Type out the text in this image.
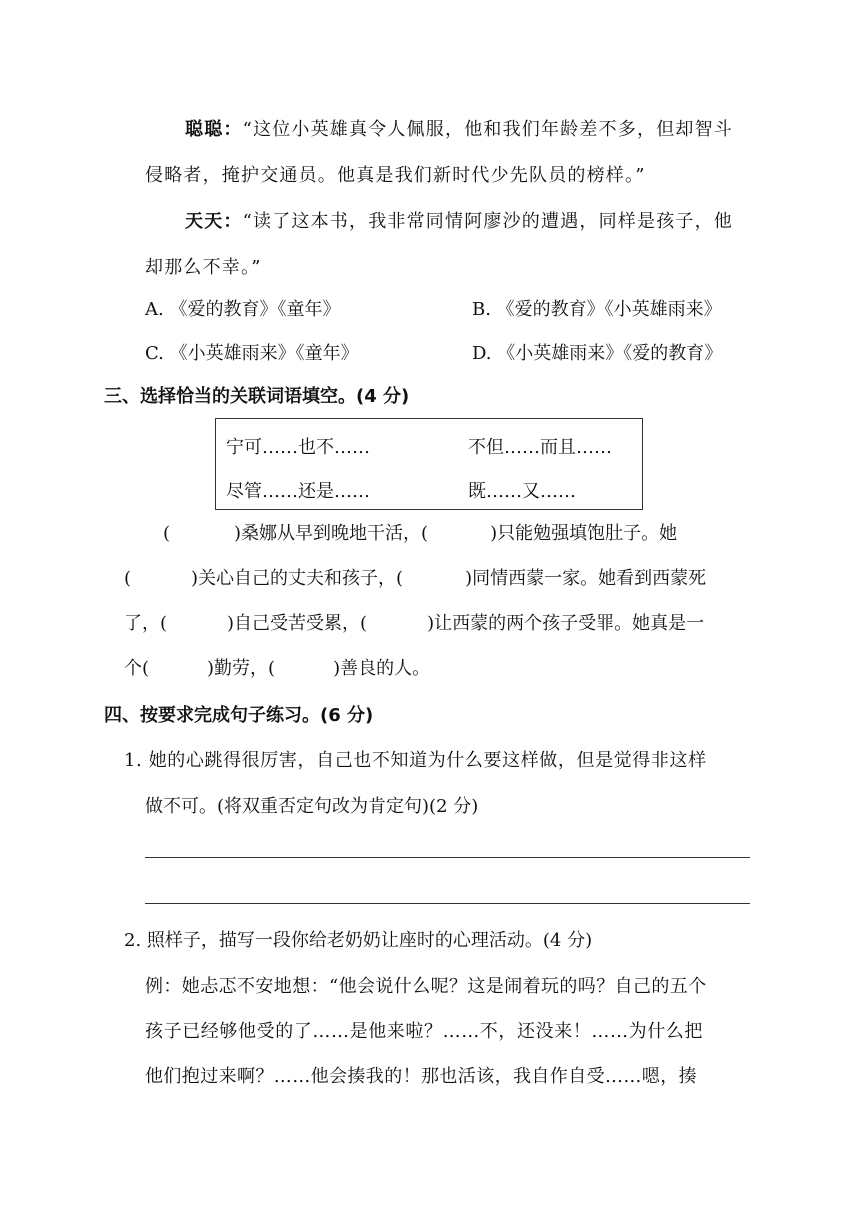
聪聪：“这位小英雄真令人佩服，他和我们年龄差不多，但却智斗
侵略者，掩护交通员。他真是我们新时代少先队员的榜样。”
天天：“读了这本书，我非常同情阿廖沙的遭遇，同样是孩子，他
却那么不幸。”
A. 《爱的教育》《童年》	B. 《爱的教育》《小英雄雨来》
C. 《小英雄雨来》《童年》	D. 《小英雄雨来》《爱的教育》
三、选择恰当的关联词语填空。(4 分)
宁可……也不……	不但……而且……
尽管……还是……	既……又……
(	)桑娜从早到晚地干活，(	)只能勉强填饱肚子。她
(	)关心自己的丈夫和孩子，(	)同情西蒙一家。她看到西蒙死
了，(	)自己受苦受累，(	)让西蒙的两个孩子受罪。她真是一
个(	)勤劳，(	)善良的人。
四、按要求完成句子练习。(6 分)
1. 她的心跳得很厉害，自己也不知道为什么要这样做，但是觉得非这样
做不可。(将双重否定句改为肯定句)(2 分)
2. 照样子，描写一段你给老奶奶让座时的心理活动。(4 分)
例：她忐忑不安地想：“他会说什么呢？这是闹着玩的吗？自己的五个
孩子已经够他受的了……是他来啦？……不，还没来！……为什么把
他们抱过来啊？……他会揍我的！那也活该，我自作自受……嗯，揍
